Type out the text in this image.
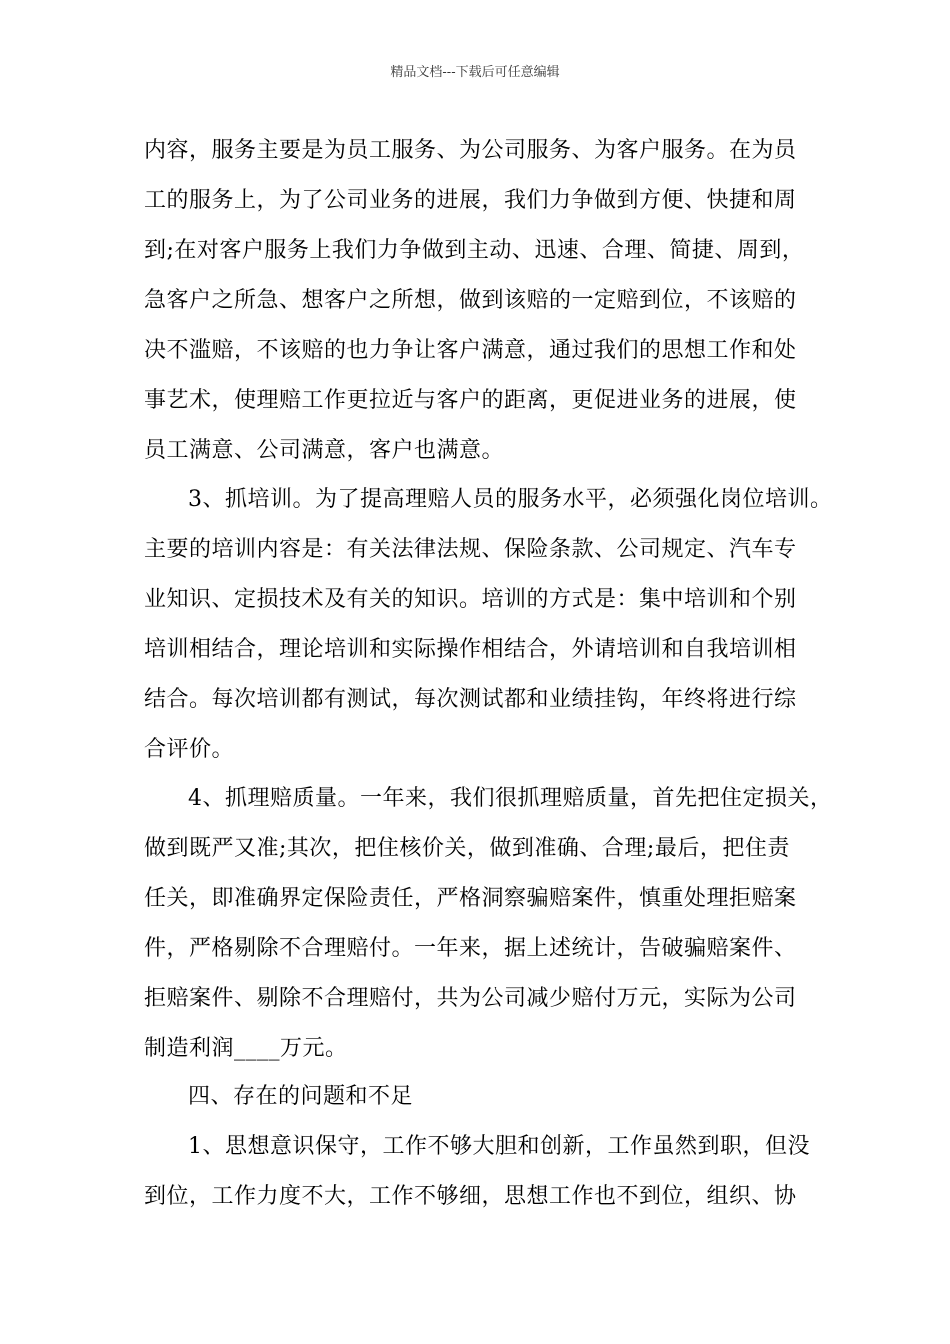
精品文档---下载后可任意编辑
内容，服务主要是为员工服务、为公司服务、为客户服务。在为员
工的服务上，为了公司业务的进展，我们力争做到方便、快捷和周
到;在对客户服务上我们力争做到主动、迅速、合理、简捷、周到，
急客户之所急、想客户之所想，做到该赔的一定赔到位，不该赔的
决不滥赔，不该赔的也力争让客户满意，通过我们的思想工作和处
事艺术，使理赔工作更拉近与客户的距离，更促进业务的进展，使
员工满意、公司满意，客户也满意。
3、抓培训。为了提高理赔人员的服务水平，必须强化岗位培训。
主要的培训内容是：有关法律法规、保险条款、公司规定、汽车专
业知识、定损技术及有关的知识。培训的方式是：集中培训和个别
培训相结合，理论培训和实际操作相结合，外请培训和自我培训相
结合。每次培训都有测试，每次测试都和业绩挂钩，年终将进行综
合评价。
4、抓理赔质量。一年来，我们很抓理赔质量，首先把住定损关，
做到既严又准;其次，把住核价关，做到准确、合理;最后，把住责
任关，即准确界定保险责任，严格洞察骗赔案件，慎重处理拒赔案
件，严格剔除不合理赔付。一年来，据上述统计，告破骗赔案件、
拒赔案件、剔除不合理赔付，共为公司减少赔付万元，实际为公司
制造利润____万元。
四、存在的问题和不足
1、思想意识保守，工作不够大胆和创新，工作虽然到职，但没
到位，工作力度不大，工作不够细，思想工作也不到位，组织、协
